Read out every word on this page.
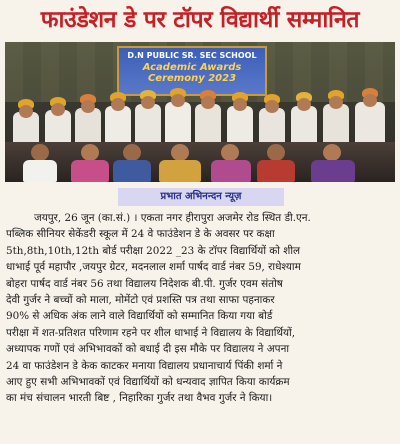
फाउंडेशन डे पर टॉपर विद्यार्थी सम्मानित
D.N PUBLIC SR. SEC SCHOOL
Academic Awards Ceremony 2023
प्रभात अभिनन्दन न्यूज़
जयपुर, 26 जून (का.सं.) । एकता नगर हीरापुरा अजमेर रोड स्थित डी.एन.
पब्लिक सीनियर सेकेंडरी स्कूल में 24 वे फाउंडेशन डे के अवसर पर कक्षा
5th,8th,10th,12th बोर्ड परीक्षा 2022 _23 के टॉपर विद्यार्थियों को शील
धाभाई पूर्व महापौर ,जयपुर ग्रेटर, मदनलाल शर्मा पार्षद वार्ड नंबर 59, राधेश्याम
बोहरा पार्षद वार्ड नंबर 56 तथा विद्यालय निदेशक बी.पी. गुर्जर एवम संतोष
देवी गुर्जर ने बच्चों को माला, मोमेंटो एवं प्रशस्ति पत्र तथा साफा पहनाकर
90% से अधिक अंक लाने वाले विद्यार्थियों को सम्मानित किया गया बोर्ड
परीक्षा में शत-प्रतिशत परिणाम रहने पर शील धाभाई ने विद्यालय के विद्यार्थियों,
अध्यापक गणों एवं अभिभावकों को बधाई दी इस मौके पर विद्यालय ने अपना
24 वा फाउंडेशन डे केक काटकर मनाया विद्यालय प्रधानाचार्य पिंकी शर्मा ने
आए हुए सभी अभिभावकों एवं विद्यार्थियों को धन्यवाद ज्ञापित किया कार्यक्रम
का मंच संचालन भारती बिष्ट , निहारिका गुर्जर तथा वैभव गुर्जर ने किया।
